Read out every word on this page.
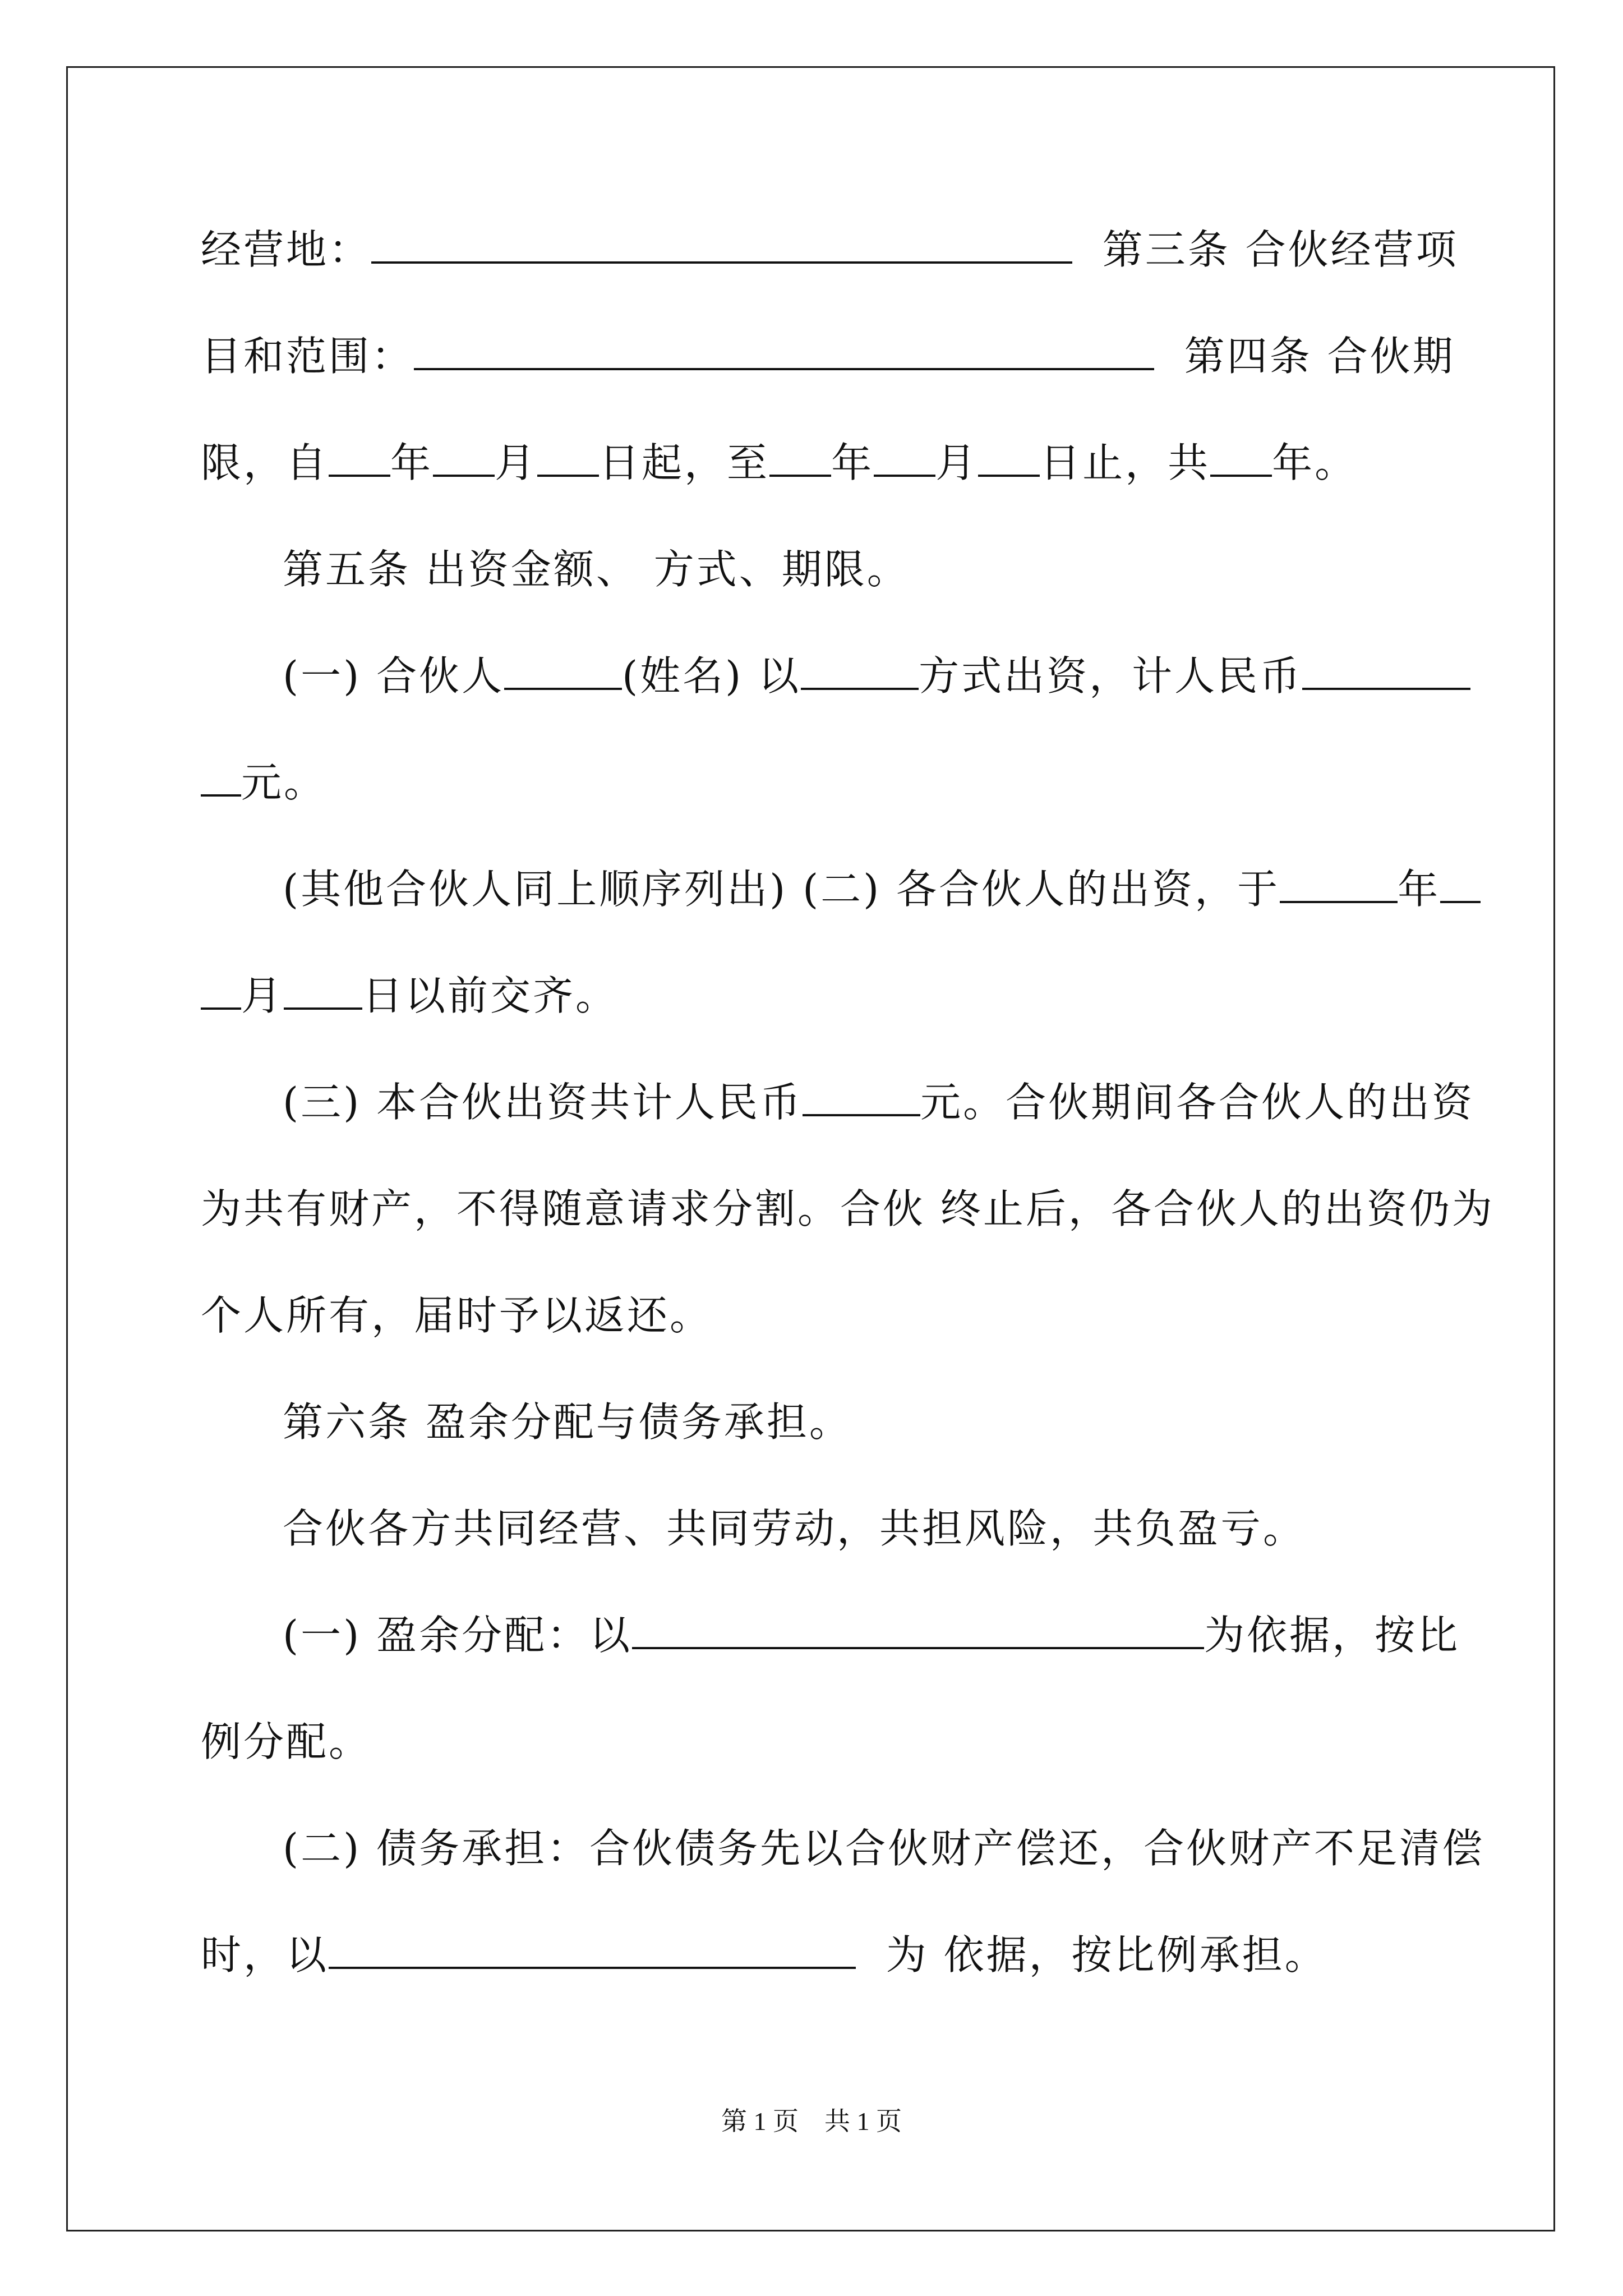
经营地：	第三条 合伙经营项
目和范围：	第四条 合伙期
限，自 年 月 日起，至 年 月 日止，共 年。
第五条 出资金额、 方式、期限。
(一) 合伙人	(姓名) 以	方式出资，计人民币
元。
(其他合伙人同上顺序列出) (二) 各合伙人的出资，于	年
月 日以前交齐。
(三) 本合伙出资共计人民币	元。合伙期间各合伙人的出资
为共有财产，不得随意请求分割。合伙 终止后，各合伙人的出资仍为
个人所有，届时予以返还。
第六条 盈余分配与债务承担。
合伙各方共同经营、共同劳动，共担风险，共负盈亏。
(一) 盈余分配：以	为依据，按比
例分配。
(二) 债务承担：合伙债务先以合伙财产偿还，合伙财产不足清偿
时，以	为 依据，按比例承担。
第 1 页　共 1 页
